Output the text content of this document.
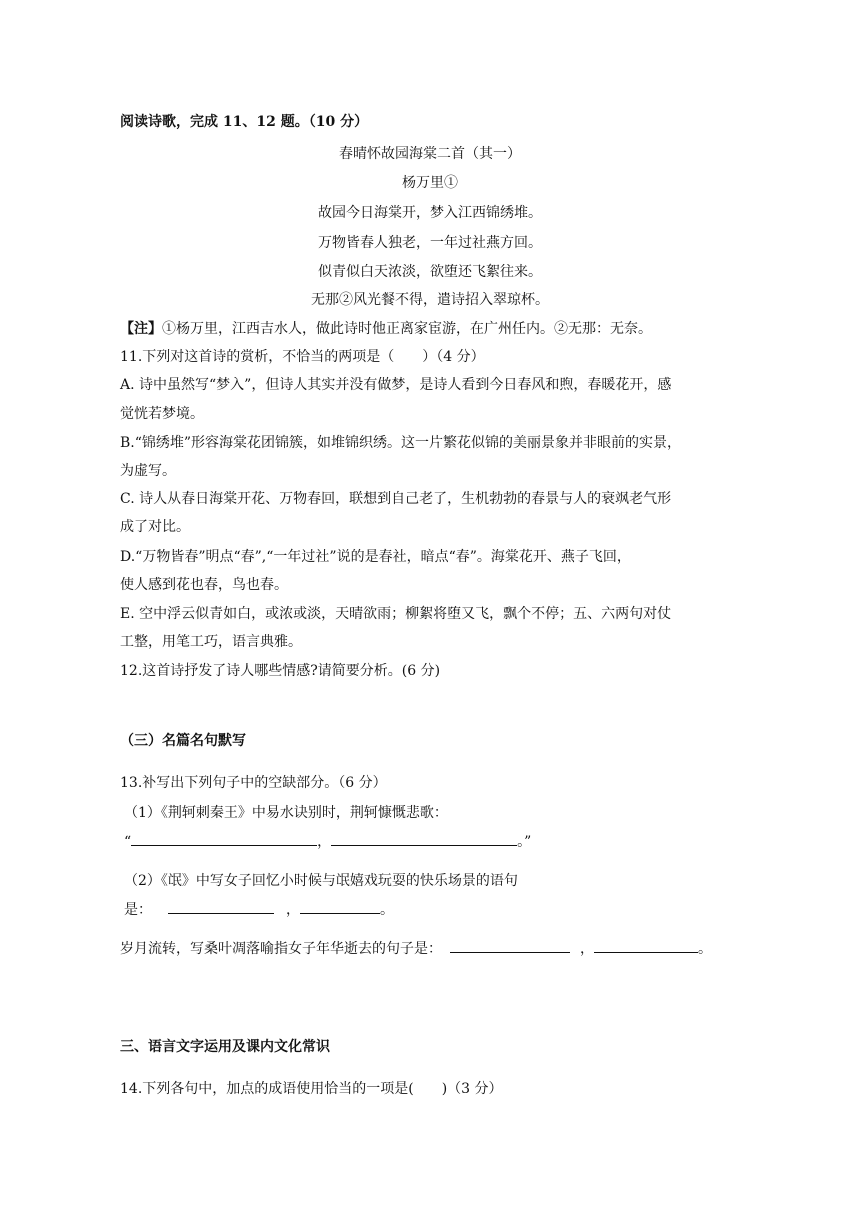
阅读诗歌，完成 11、12 题。（10 分）
春晴怀故园海棠二首（其一）
杨万里①
故园今日海棠开，梦入江西锦绣堆。
万物皆春人独老，一年过社燕方回。
似青似白天浓淡，欲堕还飞絮往来。
无那②风光餐不得，遣诗招入翠琼杯。
【注】①杨万里，江西吉水人，做此诗时他正离家宦游，在广州任内。②无那：无奈。
11.下列对这首诗的赏析，不恰当的两项是（　　）（4 分）
A. 诗中虽然写“梦入”，但诗人其实并没有做梦，是诗人看到今日春风和煦，春暖花开，感
觉恍若梦境。
B.“锦绣堆”形容海棠花团锦簇，如堆锦织绣。这一片繁花似锦的美丽景象并非眼前的实景，
为虚写。
C. 诗人从春日海棠开花、万物春回，联想到自己老了，生机勃勃的春景与人的衰飒老气形
成了对比。
D.“万物皆春”明点“春”,“一年过社”说的是春社，暗点“春”。海棠花开、燕子飞回，
使人感到花也春，鸟也春。
E. 空中浮云似青如白，或浓或淡，天晴欲雨；柳絮将堕又飞，飘个不停；五、六两句对仗
工整，用笔工巧，语言典雅。
12.这首诗抒发了诗人哪些情感?请简要分析。(6 分)
（三）名篇名句默写
13.补写出下列句子中的空缺部分。（6 分）
（1）《荆轲刺秦王》中易水诀别时，荆轲慷慨悲歌：
“	，	。”
（2）《氓》中写女子回忆小时候与氓嬉戏玩耍的快乐场景的语句
是：	，	。
岁月流转，写桑叶凋落喻指女子年华逝去的句子是：	，	。
三、语言文字运用及课内文化常识
14.下列各句中，加点的成语使用恰当的一项是(　　)（3 分）
